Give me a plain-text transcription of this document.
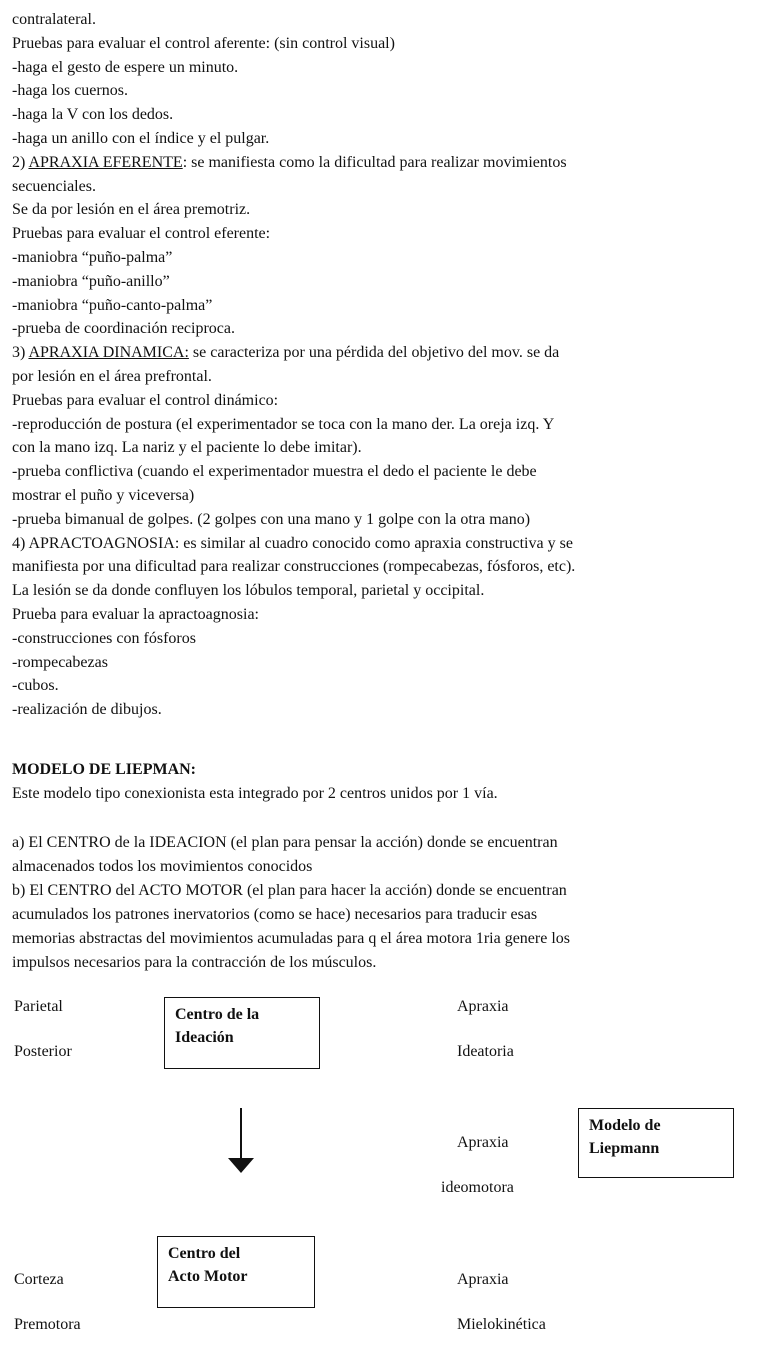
contralateral.
Pruebas para evaluar el control aferente: (sin control visual)
-haga el gesto de espere un minuto.
-haga los cuernos.
-haga la V con los dedos.
-haga un anillo con el índice y el pulgar.
2) APRAXIA EFERENTE: se manifiesta como la dificultad para realizar movimientos
secuenciales.
Se da por lesión en el área premotriz.
Pruebas para evaluar el control eferente:
-maniobra “puño-palma”
-maniobra “puño-anillo”
-maniobra “puño-canto-palma”
-prueba de coordinación reciproca.
3) APRAXIA DINAMICA: se caracteriza por una pérdida del objetivo del mov. se da
por lesión en el área prefrontal.
Pruebas para evaluar el control dinámico:
-reproducción de postura (el experimentador se toca con la mano der. La oreja izq. Y
con la mano izq. La nariz y el paciente lo debe imitar).
-prueba conflictiva (cuando el experimentador muestra el dedo el paciente le debe
mostrar el puño y viceversa)
-prueba bimanual de golpes. (2 golpes con una mano y 1 golpe con la otra mano)
4) APRACTOAGNOSIA: es similar al cuadro conocido como apraxia constructiva y se
manifiesta por una dificultad para realizar construcciones (rompecabezas, fósforos, etc).
La lesión se da donde confluyen los lóbulos temporal, parietal y occipital.
Prueba para evaluar la apractoagnosia:
-construcciones con fósforos
-rompecabezas
-cubos.
-realización de dibujos.
MODELO DE LIEPMAN:
Este modelo tipo conexionista esta integrado por 2 centros unidos por 1 vía.
a) El CENTRO de la IDEACION (el plan para pensar la acción) donde se encuentran
almacenados todos los movimientos conocidos
b) El CENTRO del ACTO MOTOR (el plan para hacer la acción) donde se encuentran
acumulados los patrones inervatorios (como se hace) necesarios para traducir esas
memorias abstractas del movimientos acumuladas para q el área motora 1ria genere los
impulsos necesarios para la contracción de los músculos.
Parietal
Posterior
Centro de la
Ideación
Apraxia
Ideatoria
Apraxia
ideomotora
Modelo de
Liepmann
Centro del
Acto Motor
Corteza
Premotora
Apraxia
Mielokinética
